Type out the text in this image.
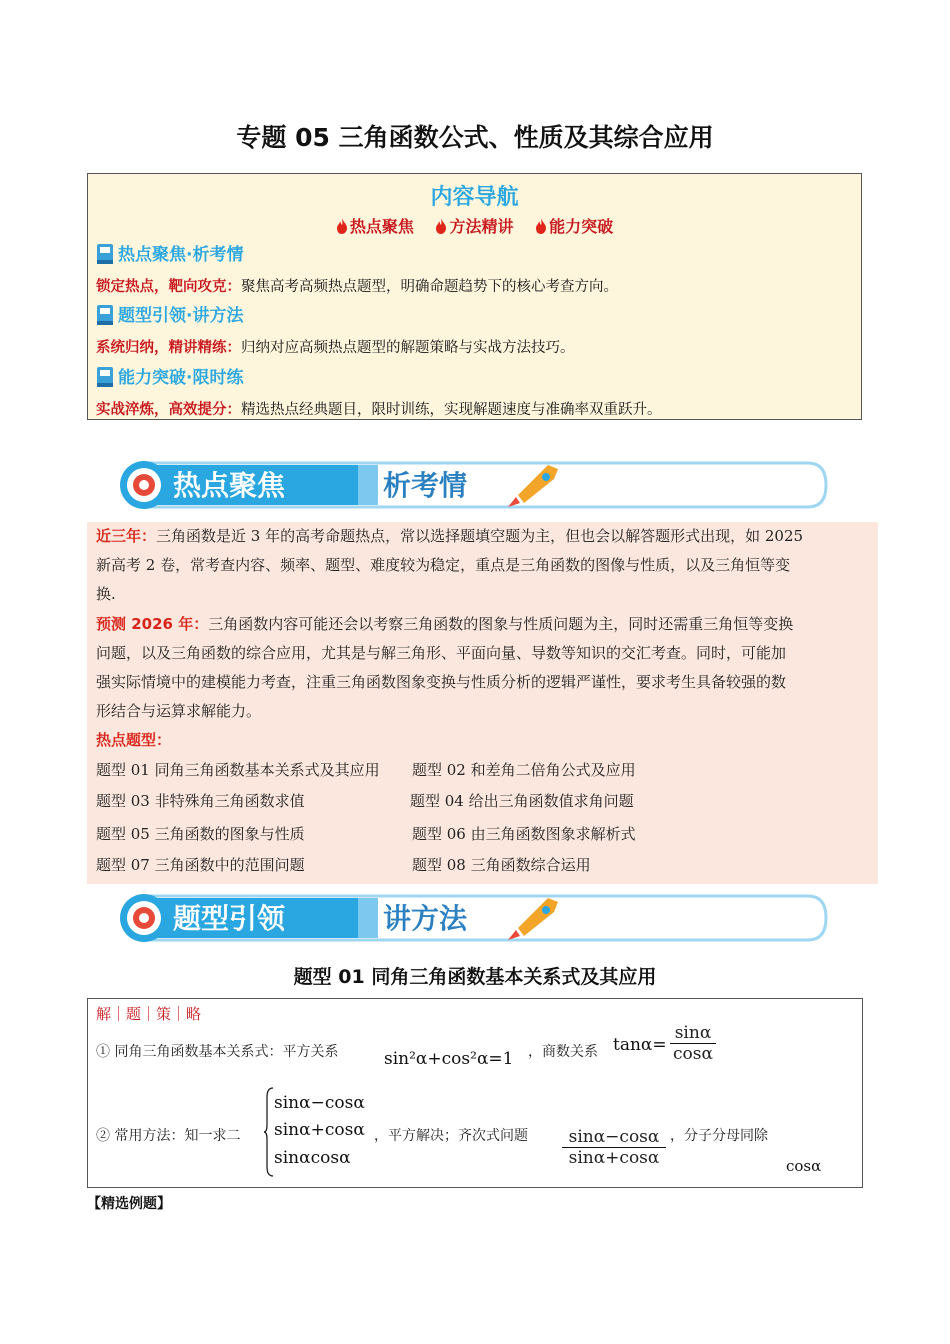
专题 05 三角函数公式、性质及其综合应用
内容导航
热点聚焦 方法精讲 能力突破
热点聚焦·析考情
锁定热点，靶向攻克：聚焦高考高频热点题型，明确命题趋势下的核心考查方向。
题型引领·讲方法
系统归纳，精讲精练：归纳对应高频热点题型的解题策略与实战方法技巧。
能力突破·限时练
实战淬炼，高效提分：精选热点经典题目，限时训练，实现解题速度与准确率双重跃升。
热点聚焦	析考情

近三年：三角函数是近 3 年的高考命题热点，常以选择题填空题为主，但也会以解答题形式出现，如 2025

新高考 2 卷，常考查内容、频率、题型、难度较为稳定，重点是三角函数的图像与性质，以及三角恒等变

换.

预测 2026 年：三角函数内容可能还会以考察三角函数的图象与性质问题为主，同时还需重三角恒等变换

问题，以及三角函数的综合应用，尤其是与解三角形、平面向量、导数等知识的交汇考查。同时，可能加

强实际情境中的建模能力考查，注重三角函数图象变换与性质分析的逻辑严谨性，要求考生具备较强的数

形结合与运算求解能力。

热点题型：

题型 01 同角三角函数基本关系式及其应用 题型 02 和差角二倍角公式及应用
题型 03 非特殊角三角函数求值	题型 04 给出三角函数值求角问题
题型 05 三角函数的图象与性质	题型 06 由三角函数图象求解析式
题型 07 三角函数中的范围问题	题型 08 三角函数综合运用
题型引领	讲方法
题型 01 同角三角函数基本关系式及其应用
解｜题｜策｜略
① 同角三角函数基本关系式：平方关系	sin²α+cos²α=1 ，商数关系 $\tan\alpha= \frac{\sin\alpha}{\cos\alpha}$
② 常用方法：知一求二
sinα−cosα
sinα+cosα
sinαcosα
，平方解决；齐次式问题 $\frac{\sin\alpha-\cos\alpha}{\sin\alpha+\cos\alpha}$ ，分子分母同除
cosα
【精选例题】
